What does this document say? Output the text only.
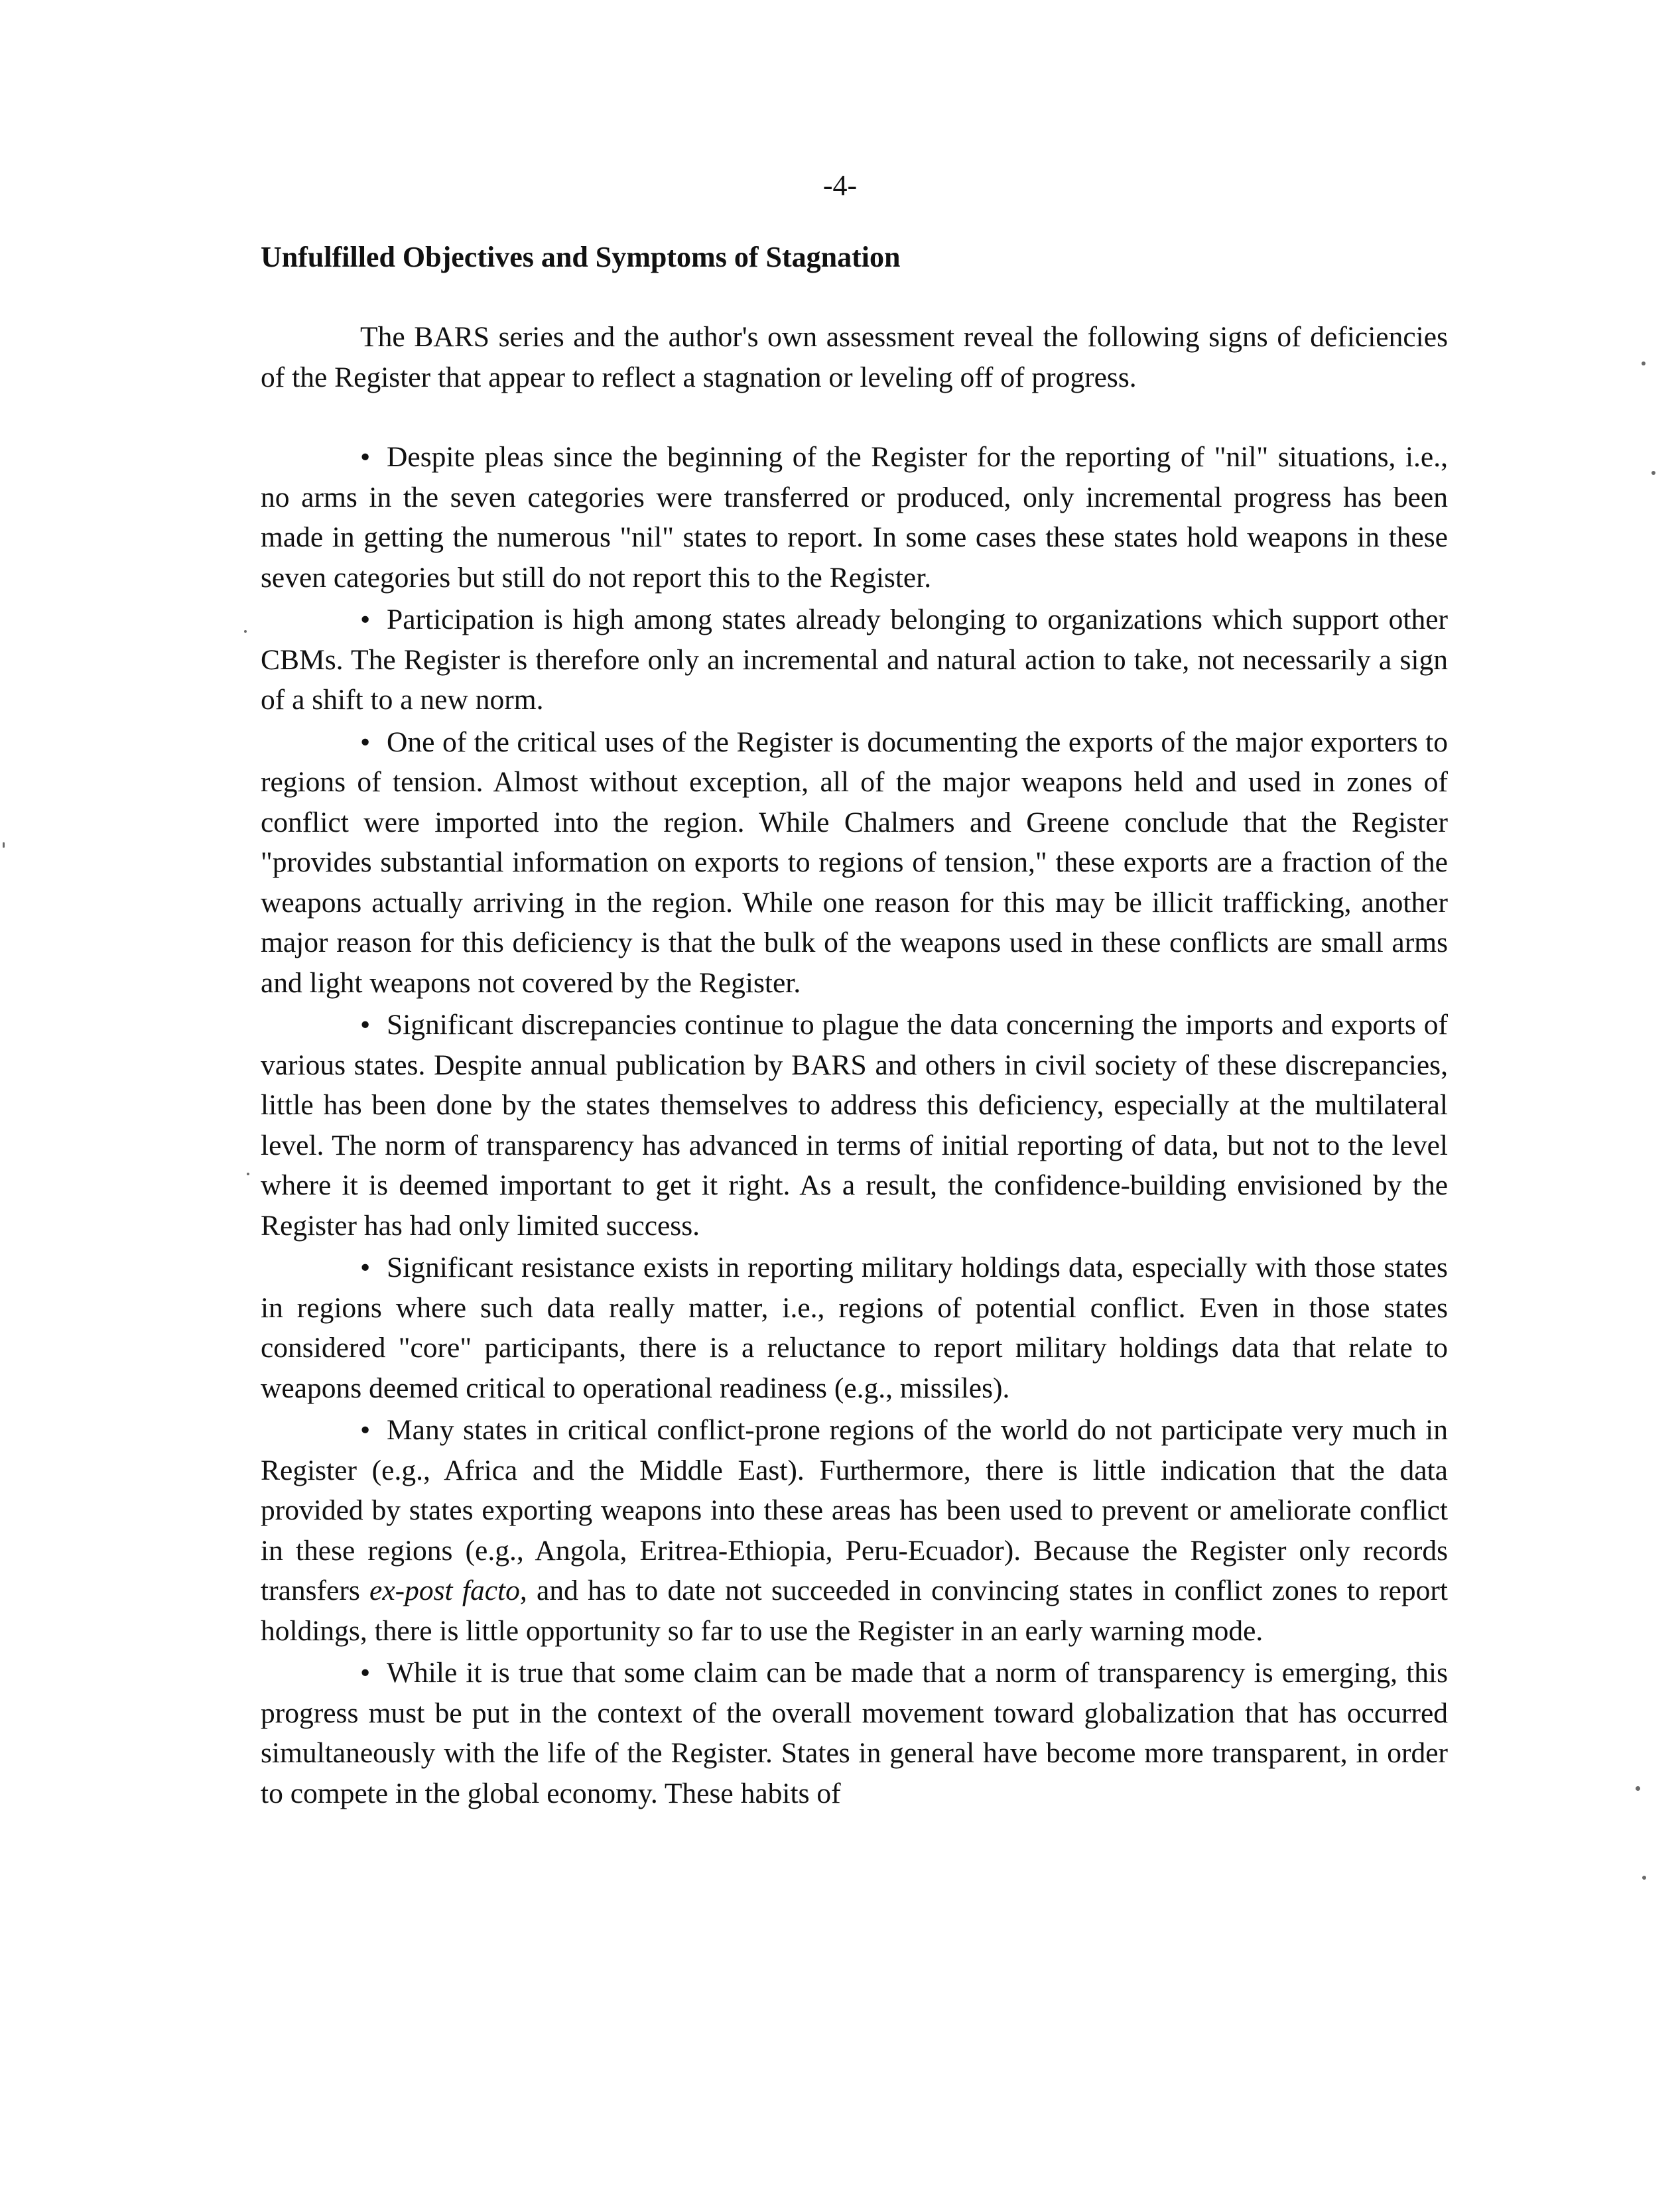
-4-
Unfulfilled Objectives and Symptoms of Stagnation

The BARS series and the author's own assessment reveal the following signs of deficiencies of the Register that appear to reflect a stagnation or leveling off of progress.

• Despite pleas since the beginning of the Register for the reporting of "nil" situations, i.e., no arms in the seven categories were transferred or produced, only incremental progress has been made in getting the numerous "nil" states to report. In some cases these states hold weapons in these seven categories but still do not report this to the Register.

• Participation is high among states already belonging to organizations which support other CBMs. The Register is therefore only an incremental and natural action to take, not necessarily a sign of a shift to a new norm.

• One of the critical uses of the Register is documenting the exports of the major exporters to regions of tension. Almost without exception, all of the major weapons held and used in zones of conflict were imported into the region. While Chalmers and Greene conclude that the Register "provides substantial information on exports to regions of tension," these exports are a fraction of the weapons actually arriving in the region. While one reason for this may be illicit trafficking, another major reason for this deficiency is that the bulk of the weapons used in these conflicts are small arms and light weapons not covered by the Register.

• Significant discrepancies continue to plague the data concerning the imports and exports of various states. Despite annual publication by BARS and others in civil society of these discrepancies, little has been done by the states themselves to address this deficiency, especially at the multilateral level. The norm of transparency has advanced in terms of initial reporting of data, but not to the level where it is deemed important to get it right. As a result, the confidence-building envisioned by the Register has had only limited success.

• Significant resistance exists in reporting military holdings data, especially with those states in regions where such data really matter, i.e., regions of potential conflict. Even in those states considered "core" participants, there is a reluctance to report military holdings data that relate to weapons deemed critical to operational readiness (e.g., missiles).

• Many states in critical conflict-prone regions of the world do not participate very much in Register (e.g., Africa and the Middle East). Furthermore, there is little indication that the data provided by states exporting weapons into these areas has been used to prevent or ameliorate conflict in these regions (e.g., Angola, Eritrea-Ethiopia, Peru-Ecuador). Because the Register only records transfers ex-post facto, and has to date not succeeded in convincing states in conflict zones to report holdings, there is little opportunity so far to use the Register in an early warning mode.

• While it is true that some claim can be made that a norm of transparency is emerging, this progress must be put in the context of the overall movement toward globalization that has occurred simultaneously with the life of the Register. States in general have become more transparent, in order to compete in the global economy. These habits of
